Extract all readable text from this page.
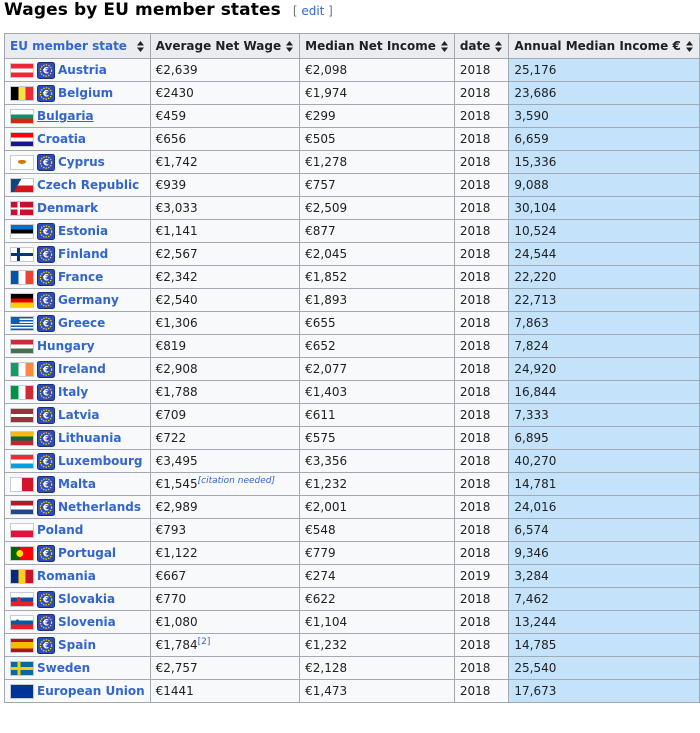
Wages by EU member states [ edit ]
EU member state	Average Net Wage	Median Net Income	date	Annual Median Income €

€ Austria	€2,639	€2,098	2018	25,176

€ Belgium	€2430	€1,974	2018	23,686

Bulgaria	€459	€299	2018	3,590

Croatia	€656	€505	2018	6,659

€ Cyprus	€1,742	€1,278	2018	15,336

Czech Republic	€939	€757	2018	9,088

Denmark	€3,033	€2,509	2018	30,104

€ Estonia	€1,141	€877	2018	10,524

€ Finland	€2,567	€2,045	2018	24,544

€ France	€2,342	€1,852	2018	22,220

€ Germany	€2,540	€1,893	2018	22,713

€ Greece	€1,306	€655	2018	7,863

Hungary	€819	€652	2018	7,824

€ Ireland	€2,908	€2,077	2018	24,920

€ Italy	€1,788	€1,403	2018	16,844

€ Latvia	€709	€611	2018	7,333

€ Lithuania	€722	€575	2018	6,895

€ Luxembourg	€3,495	€3,356	2018	40,270

€ Malta	€1,545[citation needed]	€1,232	2018	14,781

€ Netherlands	€2,989	€2,001	2018	24,016

Poland	€793	€548	2018	6,574

€ Portugal	€1,122	€779	2018	9,346

Romania	€667	€274	2019	3,284

€ Slovakia	€770	€622	2018	7,462

€ Slovenia	€1,080	€1,104	2018	13,244

€ Spain	€1,784[2]	€1,232	2018	14,785

Sweden	€2,757	€2,128	2018	25,540

European Union	€1441	€1,473	2018	17,673
